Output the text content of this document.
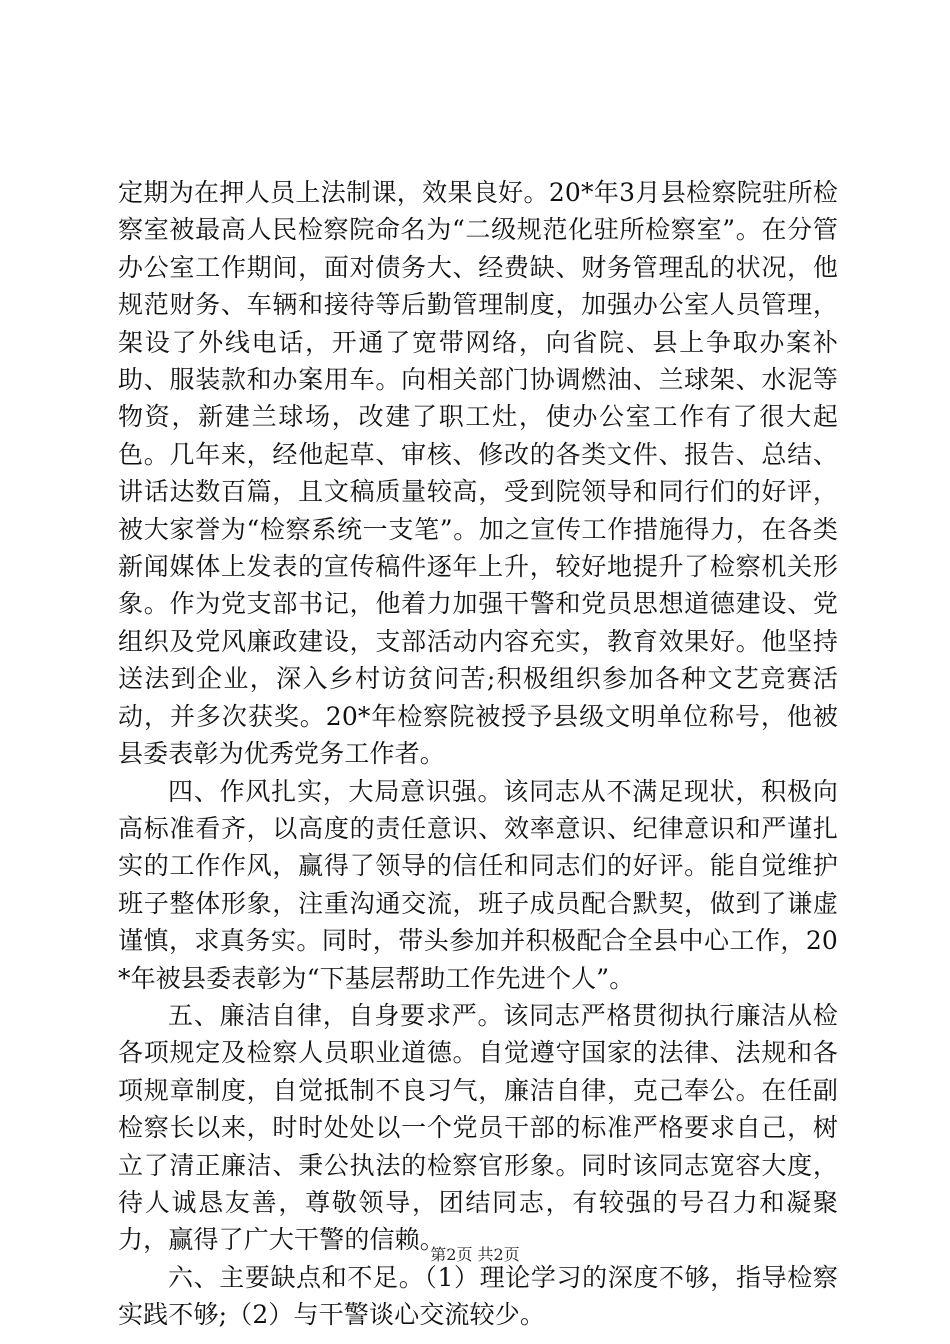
定期为在押人员上法制课，效果良好。20*年3月县检察院驻所检察室被最高人民检察院命名为“二级规范化驻所检察室”。在分管办公室工作期间，面对债务大、经费缺、财务管理乱的状况，他规范财务、车辆和接待等后勤管理制度，加强办公室人员管理，架设了外线电话，开通了宽带网络，向省院、县上争取办案补助、服装款和办案用车。向相关部门协调燃油、兰球架、水泥等物资，新建兰球场，改建了职工灶，使办公室工作有了很大起色。几年来，经他起草、审核、修改的各类文件、报告、总结、讲话达数百篇，且文稿质量较高，受到院领导和同行们的好评，被大家誉为“检察系统一支笔”。加之宣传工作措施得力，在各类新闻媒体上发表的宣传稿件逐年上升，较好地提升了检察机关形象。作为党支部书记，他着力加强干警和党员思想道德建设、党组织及党风廉政建设，支部活动内容充实，教育效果好。他坚持送法到企业，深入乡村访贫问苦;积极组织参加各种文艺竞赛活动，并多次获奖。20*年检察院被授予县级文明单位称号，他被县委表彰为优秀党务工作者。

四、作风扎实，大局意识强。该同志从不满足现状，积极向高标准看齐，以高度的责任意识、效率意识、纪律意识和严谨扎实的工作作风，赢得了领导的信任和同志们的好评。能自觉维护班子整体形象，注重沟通交流，班子成员配合默契，做到了谦虚谨慎，求真务实。同时，带头参加并积极配合全县中心工作，20*年被县委表彰为“下基层帮助工作先进个人”。

五、廉洁自律，自身要求严。该同志严格贯彻执行廉洁从检各项规定及检察人员职业道德。自觉遵守国家的法律、法规和各项规章制度，自觉抵制不良习气，廉洁自律，克己奉公。在任副检察长以来，时时处处以一个党员干部的标准严格要求自己，树立了清正廉洁、秉公执法的检察官形象。同时该同志宽容大度，待人诚恳友善，尊敬领导，团结同志，有较强的号召力和凝聚力，赢得了广大干警的信赖。

六、主要缺点和不足。（1）理论学习的深度不够，指导检察实践不够;（2）与干警谈心交流较少。

第2页 共2页
